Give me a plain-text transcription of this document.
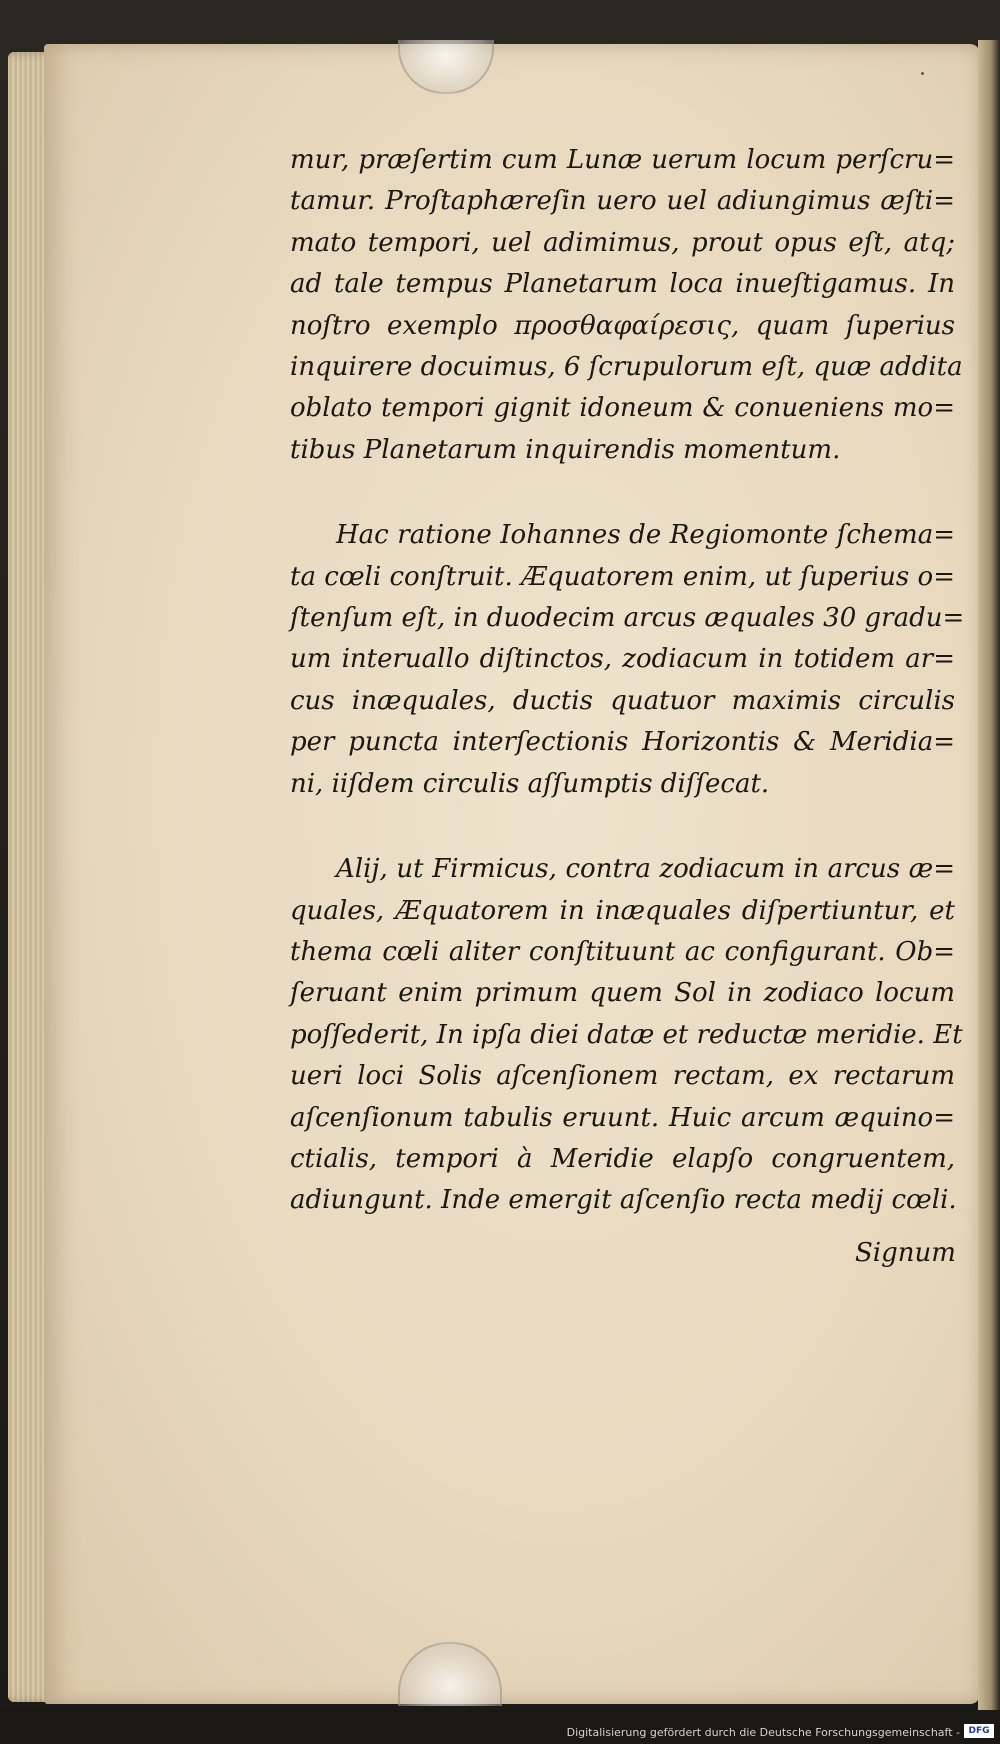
mur, præſertim cum Lunæ uerum locum perſcru=
tamur. Proſtaphæreſin uero uel adiungimus æſti=
mato tempori, uel adimimus, prout opus eſt, atq;
ad tale tempus Planetarum loca inueſtigamus. In
noſtro exemplo προσθαφαίρεσις, quam ſuperius
inquirere docuimus, 6 ſcrupulorum eſt, quæ addita
oblato tempori gignit idoneum & conueniens mo=
tibus Planetarum inquirendis momentum.
Hac ratione Iohannes de Regiomonte ſchema=
ta cœli conſtruit. Æquatorem enim, ut ſuperius o=
ſtenſum eſt, in duodecim arcus æquales 30 gradu=
um interuallo diſtinctos, zodiacum in totidem ar=
cus inæquales, ductis quatuor maximis circulis
per puncta interſectionis Horizontis & Meridia=
ni, iiſdem circulis aſſumptis diſſecat.
Alij, ut Firmicus, contra zodiacum in arcus æ=
quales, Æquatorem in inæquales diſpertiuntur, et
thema cœli aliter conſtituunt ac configurant. Ob=
ſeruant enim primum quem Sol in zodiaco locum
poſſederit, In ipſa diei datæ et reductæ meridie. Et
ueri loci Solis aſcenſionem rectam, ex rectarum
aſcenſionum tabulis eruunt. Huic arcum æquino=
ctialis, tempori à Meridie elapſo congruentem,
adiungunt. Inde emergit aſcenſio recta medij cœli.
Signum
Digitalisierung gefördert durch die Deutsche Forschungsgemeinschaft - DFG
